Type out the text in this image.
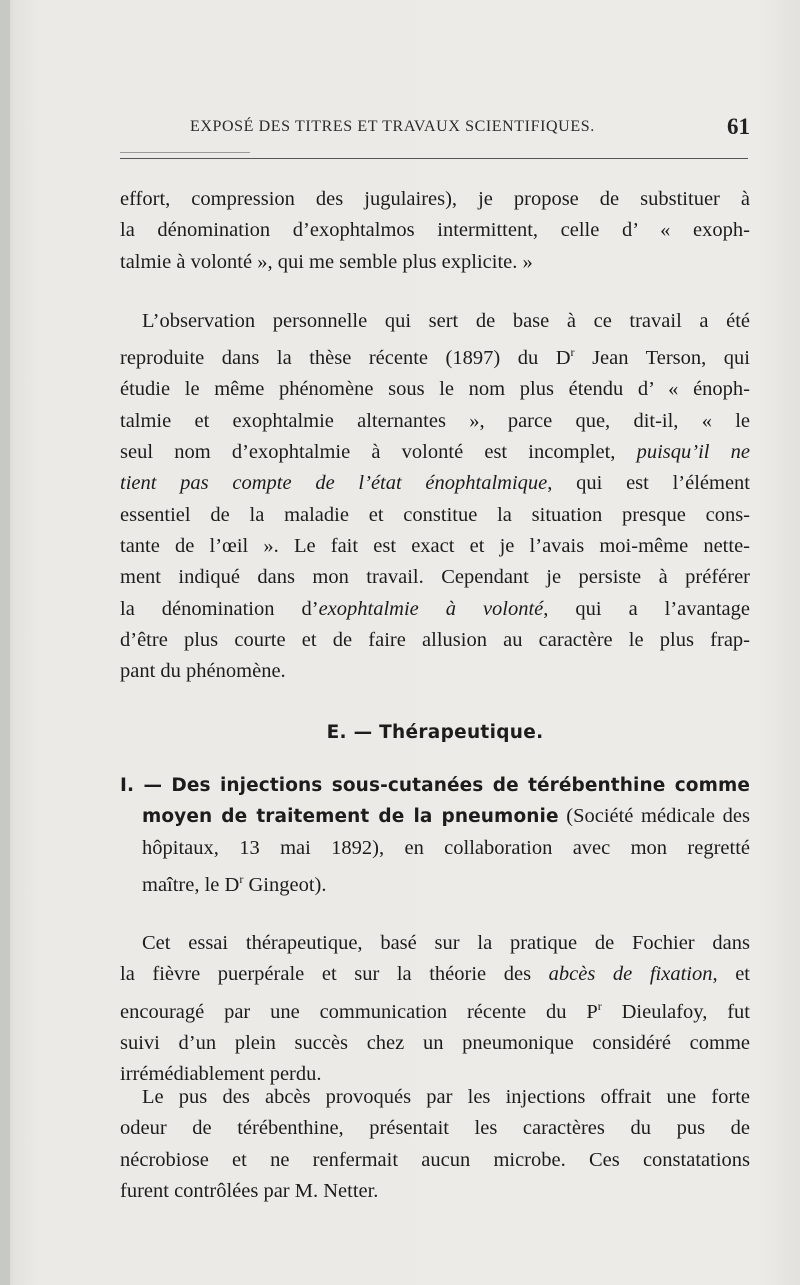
EXPOSÉ DES TITRES ET TRAVAUX SCIENTIFIQUES.	61

effort, compression des jugulaires), je propose de substituer à
la dénomination d’exophtalmos intermittent, celle d’ « exoph-
talmie à volonté », qui me semble plus explicite. »

L’observation personnelle qui sert de base à ce travail a été
reproduite dans la thèse récente (1897) du $D^r$ Jean Terson, qui
étudie le même phénomène sous le nom plus étendu d’ « énoph-
talmie et exophtalmie alternantes », parce que, dit-il, « le
seul nom d’exophtalmie à volonté est incomplet, puisqu’il ne
tient pas compte de l’état énophtalmique, qui est l’élément
essentiel de la maladie et constitue la situation presque cons-
tante de l’œil ». Le fait est exact et je l’avais moi-même nette-
ment indiqué dans mon travail. Cependant je persiste à préférer
la dénomination d’exophtalmie à volonté, qui a l’avantage
d’être plus courte et de faire allusion au caractère le plus frap-
pant du phénomène.

E. — Thérapeutique.
I. — Des injections sous-cutanées de térébenthine comme
moyen de traitement de la pneumonie (Société médicale des
hôpitaux, 13 mai 1892), en collaboration avec mon regretté
maître, le $D^r$ Gingeot).

Cet essai thérapeutique, basé sur la pratique de Fochier dans
la fièvre puerpérale et sur la théorie des abcès de fixation, et
encouragé par une communication récente du $P^r$ Dieulafoy, fut
suivi d’un plein succès chez un pneumonique considéré comme
irrémédiablement perdu.

Le pus des abcès provoqués par les injections offrait une forte
odeur de térébenthine, présentait les caractères du pus de
nécrobiose et ne renfermait aucun microbe. Ces constatations
furent contrôlées par M. Netter.
